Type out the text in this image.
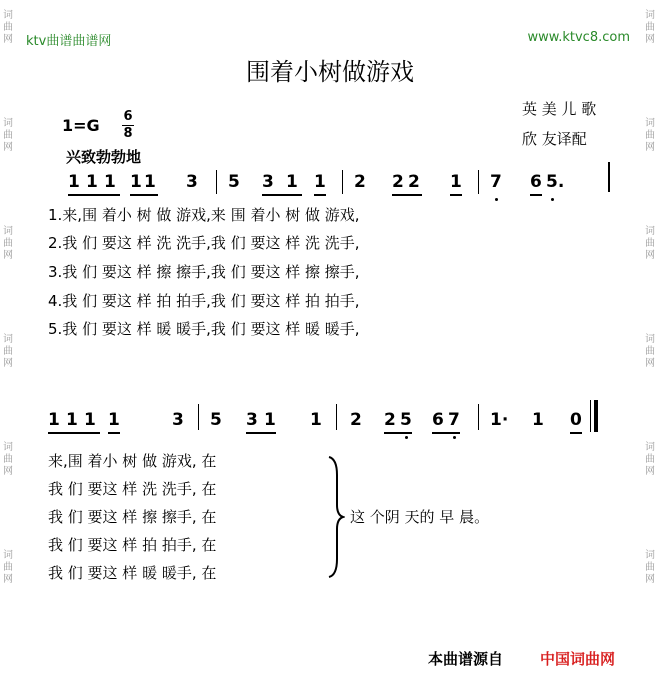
词曲网
词曲网
词曲网
词曲网
词曲网
词曲网
词曲网
词曲网
词曲网
词曲网
词曲网
词曲网
ktv曲谱曲谱网	www.ktvc8.com
围着小树做游戏
1=G 6
8
兴致勃勃地
英 美 儿 歌
欣 友译配
1 1 1 1 1 3 5 3 1 1 2 2 2 1 7 6 5.
1.来,围 着小 树 做 游戏,来 围 着小 树 做 游戏,
2.我 们 要这 样 洗 洗手,我 们 要这 样 洗 洗手,
3.我 们 要这 样 擦 擦手,我 们 要这 样 擦 擦手,
4.我 们 要这 样 拍 拍手,我 们 要这 样 拍 拍手,
5.我 们 要这 样 暖 暖手,我 们 要这 样 暖 暖手,
1 1 1 1	3 5 3 1 1 2 2 5 6 7 1· 1 0
来,围 着小 树 做 游戏, 在
我 们 要这 样 洗 洗手, 在
我 们 要这 样 擦 擦手, 在
我 们 要这 样 拍 拍手, 在
我 们 要这 样 暖 暖手, 在
这 个阴 天的 早 晨。
本曲谱源自 中国词曲网
